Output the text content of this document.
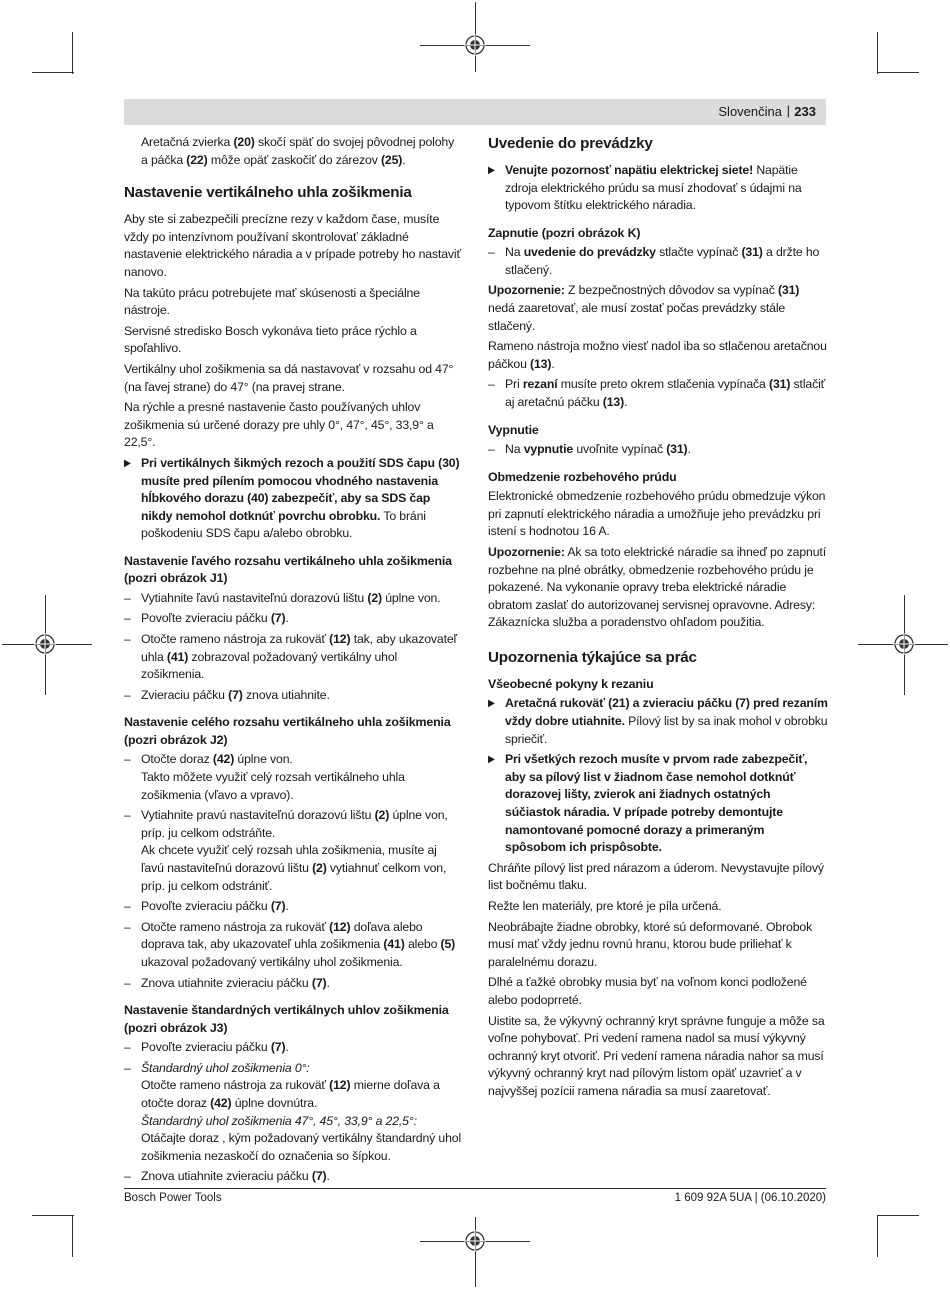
Slovenčina | 233

Aretačná zvierka (20) skočí späť do svojej pôvodnej polohy a páčka (22) môže opäť zaskočiť do zárezov (25).

Nastavenie vertikálneho uhla zošikmenia

Aby ste si zabezpečili precízne rezy v každom čase, musíte vždy po intenzívnom používaní skontrolovať základné nastavenie elektrického náradia a v prípade potreby ho nastaviť nanovo.

Na takúto prácu potrebujete mať skúsenosti a špeciálne nástroje.

Servisné stredisko Bosch vykonáva tieto práce rýchlo a spoľahlivo.

Vertikálny uhol zošikmenia sa dá nastavovať v rozsahu od 47° (na ľavej strane) do 47° (na pravej strane.

Na rýchle a presné nastavenie často používaných uhlov zošikmenia sú určené dorazy pre uhly 0°, 47°, 45°, 33,9° a 22,5°.

▶ Pri vertikálnych šikmých rezoch a použití SDS čapu (30) musíte pred pílením pomocou vhodného nastavenia hĺbkového dorazu (40) zabezpečiť, aby sa SDS čap nikdy nemohol dotknúť povrchu obrobku. To bráni poškodeniu SDS čapu a/alebo obrobku.
Nastavenie ľavého rozsahu vertikálneho uhla zošikmenia (pozri obrázok J1)
– Vytiahnite ľavú nastaviteľnú dorazovú lištu (2) úplne von.
– Povoľte zvieraciu páčku (7).
– Otočte rameno nástroja za rukoväť (12) tak, aby ukazovateľ uhla (41) zobrazoval požadovaný vertikálny uhol zošikmenia.
– Zvieraciu páčku (7) znova utiahnite.
Nastavenie celého rozsahu vertikálneho uhla zošikmenia (pozri obrázok J2)
– Otočte doraz (42) úplne von.
Takto môžete využiť celý rozsah vertikálneho uhla zošikmenia (vľavo a vpravo).
– Vytiahnite pravú nastaviteľnú dorazovú lištu (2) úplne von, príp. ju celkom odstráňte.
Ak chcete využiť celý rozsah uhla zošikmenia, musíte aj ľavú nastaviteľnú dorazovú lištu (2) vytiahnuť celkom von, príp. ju celkom odstrániť.
– Povoľte zvieraciu páčku (7).
– Otočte rameno nástroja za rukoväť (12) doľava alebo doprava tak, aby ukazovateľ uhla zošikmenia (41) alebo (5) ukazoval požadovaný vertikálny uhol zošikmenia.
– Znova utiahnite zvieraciu páčku (7).
Nastavenie štandardných vertikálnych uhlov zošikmenia (pozri obrázok J3)
– Povoľte zvieraciu páčku (7).
– Štandardný uhol zošikmenia 0°:
Otočte rameno nástroja za rukoväť (12) mierne doľava a otočte doraz (42) úplne dovnútra.
Štandardný uhol zošikmenia 47°, 45°, 33,9° a 22,5°:
Otáčajte doraz , kým požadovaný vertikálny štandardný uhol zošikmenia nezaskočí do označenia so šípkou.
– Znova utiahnite zvieraciu páčku (7).
Uvedenie do prevádzky
▶ Venujte pozornosť napätiu elektrickej siete! Napätie zdroja elektrického prúdu sa musí zhodovať s údajmi na typovom štítku elektrického náradia.
Zapnutie (pozri obrázok K)
– Na uvedenie do prevádzky stlačte vypínač (31) a držte ho stlačený.

Upozornenie: Z bezpečnostných dôvodov sa vypínač (31) nedá zaaretovať, ale musí zostať počas prevádzky stále stlačený.

Rameno nástroja možno viesť nadol iba so stlačenou aretačnou páčkou (13).

– Pri rezaní musíte preto okrem stlačenia vypínača (31) stlačiť aj aretačnú páčku (13).
Vypnutie
– Na vypnutie uvoľnite vypínač (31).
Obmedzenie rozbehového prúdu

Elektronické obmedzenie rozbehového prúdu obmedzuje výkon pri zapnutí elektrického náradia a umožňuje jeho prevádzku pri istení s hodnotou 16 A.

Upozornenie: Ak sa toto elektrické náradie sa ihneď po zapnutí rozbehne na plné obrátky, obmedzenie rozbehového prúdu je pokazené. Na vykonanie opravy treba elektrické náradie obratom zaslať do autorizovanej servisnej opravovne. Adresy: Zákaznícka služba a poradenstvo ohľadom použitia.

Upozornenia týkajúce sa prác
Všeobecné pokyny k rezaniu
▶ Aretačná rukoväť (21) a zvieraciu páčku (7) pred rezaním vždy dobre utiahnite. Pílový list by sa inak mohol v obrobku spriečiť.
▶ Pri všetkých rezoch musíte v prvom rade zabezpečiť, aby sa pílový list v žiadnom čase nemohol dotknúť dorazovej lišty, zvierok ani žiadnych ostatných súčiastok náradia. V prípade potreby demontujte namontované pomocné dorazy a primeraným spôsobom ich prispôsobte.

Chráňte pílový list pred nárazom a úderom. Nevystavujte pílový list bočnému tlaku.

Režte len materiály, pre ktoré je píla určená.

Neobrábajte žiadne obrobky, ktoré sú deformované. Obrobok musí mať vždy jednu rovnú hranu, ktorou bude priliehať k paralelnému dorazu.

Dlhé a ťažké obrobky musia byť na voľnom konci podložené alebo podoprreté.

Uistite sa, že výkyvný ochranný kryt správne funguje a môže sa voľne pohybovať. Pri vedení ramena nadol sa musí výkyvný ochranný kryt otvoriť. Pri vedení ramena náradia nahor sa musí výkyvný ochranný kryt nad pílovým listom opäť uzavrieť a v najvyššej pozícii ramena náradia sa musí zaaretovať.

Bosch Power Tools	1 609 92A 5UA | (06.10.2020)
